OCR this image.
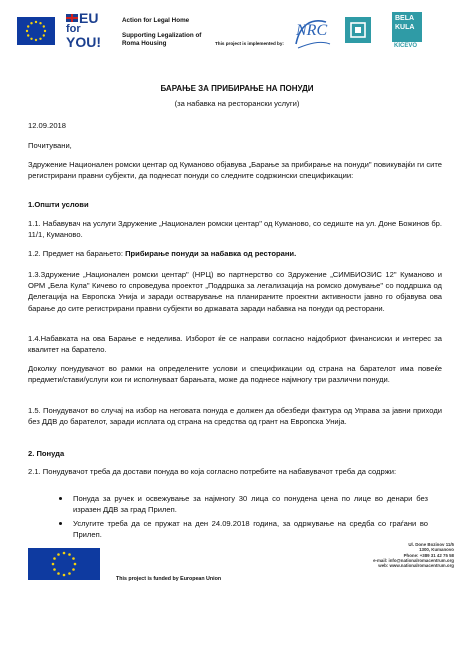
EU
for
YOU!
Action for Legal Home
Supporting Legalization of
Roma Housing	This project is implemented by:
NRC
BELA
KULA
KIČEVO
БАРАЊЕ ЗА ПРИБИРАЊЕ НА ПОНУДИ
(за набавка на ресторански услуги)
12.09.2018
Почитувани,
Здружение Национален ромски центар од Куманово објавува „Барање за прибирање на понуди" повикувајќи ги сите регистрирани правни субјекти, да поднесат понуди со следните содржински спецификации:
1.Општи услови
1.1. Набавувач на услуги Здружение „Национален ромски центар" од Куманово, со седиште на ул. Доне Божинов бр. 11/1, Куманово.
1.2. Предмет на барањето: Прибирање понуди за набавка од ресторани.
1.3.Здружение „Национален ромски центар" (НРЦ) во партнерство со Здружение „СИМБИОЗИС 12" Куманово и ОРМ „Бела Кула" Кичево го спроведува проектот „Поддршка за легализација на ромско домување" со поддршка од Делегација на Европска Унија и заради остварување на планираните проектни активности јавно го објавува ова барање до сите регистрирани правни субјекти во државата заради набавка на понуди од ресторани.
1.4.Набавката на ова Барање е неделива. Изборот ќе се направи согласно најдобриот финансиски и интерес за квалитет на баратело.
Доколку понудувачот во рамки на определените услови и спецификации од страна на барателот има повеќе предмети/стави/услуги кои ги исполнуваат барањата, може да поднесе најмногу три различни понуди.
1.5. Понудувачот во случај на избор на неговата понуда е должен да обезбеди фактура од Управа за јавни приходи без ДДВ до барателот, заради исплата од страна на средства од грант на Европска Унија.
2. Понуда
2.1. Понудувачот треба да достави понуда во која согласно потребите на набавувачот треба да содржи:
Понуда за ручек и освежување за најмногу 30 лица со понудена цена по лице во денари без изразен ДДВ за град Прилеп.
Услугите треба да се пружат на ден 24.09.2018 година, за одржување на средба со граѓани во Прилеп.
This project is funded by European Union
Ul. Done Bozinov 11/5
1300, Kumanovo
Phone: +389 31 42 75 58
e-mail: info@nationalromacentrum.org
web: www.nationalromacentrum.org
